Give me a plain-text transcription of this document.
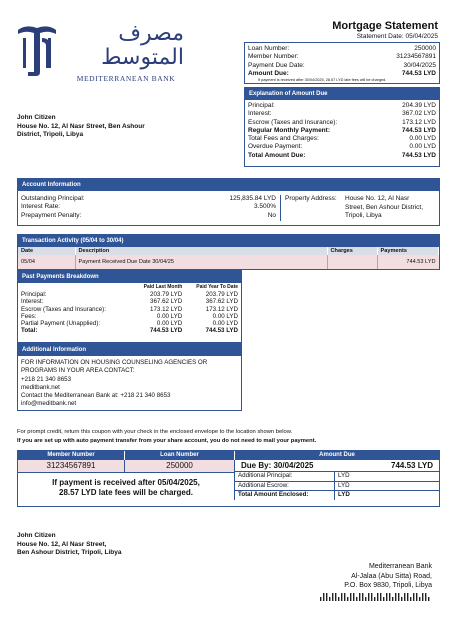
مصرف المتوسط
MEDITERRANEAN BANK
Mortgage Statement
Statement Date: 05/04/2025
Loan Number:	250000
Member Number:	31234567891
Payment Due Date:	30/04/2025
Amount Due:	744.53 LYD
If payment is received after 30/04/2025, 28.57 LYD late fees will be charged.
Explanation of Amount Due
Principal:	204.39 LYD
Interest:	367.02 LYD
Escrow (Taxes and Insurance):	173.12 LYD
Regular Monthly Payment:	744.53 LYD
Total Fees and Charges:	0.00 LYD
Overdue Payment:	0.00 LYD
Total Amount Due:	744.53 LYD
John Citizen
House No. 12, Al Nasr Street, Ben Ashour
District, Tripoli, Libya
Account Information
Outstanding Principal:	125,835.84 LYD
Interest Rate:	3.500%
Prepayment Penalty:	No
Property Address:	House No. 12, Al Nasr
Street, Ben Ashour District,
Tripoli, Libya
Transaction Activity (05/04 to 30/04)
Date	Description	Charges	Payments
05/04	Payment Received Due Date 30/04/25		744.53 LYD
Past Payments Breakdown
Paid Last Month	Paid Year To Date
Principal:	203.79 LYD	203.79 LYD
Interest:	367.62 LYD	367.62 LYD
Escrow (Taxes and Insurance):	173.12 LYD	173.12 LYD
Fees:	0.00 LYD	0.00 LYD
Partial Payment (Unapplied):	0.00 LYD	0.00 LYD
Total:	744.53 LYD	744.53 LYD
Additional Information
FOR INFORMATION ON HOUSING COUNSELING AGENCIES OR
PROGRAMS IN YOUR AREA CONTACT:
+218 21 340 8653
meditbank.net
Contact the Mediterranean Bank at: +218 21 340 8653
info@meditbank.net
For prompt credit, return this coupon with your check in the enclosed envelope to the location shown below.
If you are set up with auto payment transfer from your share account, you do not need to mail your payment.
Member Number	Loan Number	Amount Due
31234567891	250000	Due By: 30/04/2025	744.53 LYD
If payment is received after 05/04/2025,
28.57 LYD late fees will be charged.
Additional Principal:	LYD
Additional Escrow:	LYD
Total Amount Enclosed:	LYD
John Citizen
House No. 12, Al Nasr Street,
Ben Ashour District, Tripoli, Libya
Mediterranean Bank
Al-Jalaa (Abu Sitta) Road,
P.O. Box 9830, Tripoli, Libya
